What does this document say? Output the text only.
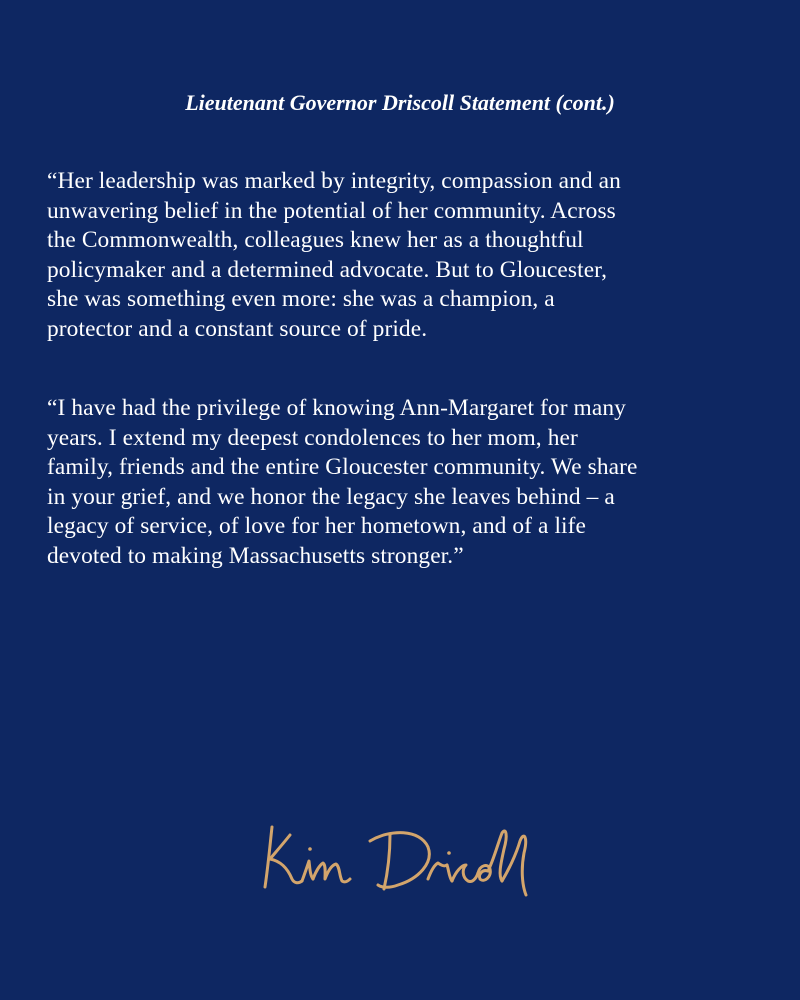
Lieutenant Governor Driscoll Statement (cont.)

“Her leadership was marked by integrity, compassion and an
unwavering belief in the potential of her community. Across
the Commonwealth, colleagues knew her as a thoughtful
policymaker and a determined advocate. But to Gloucester,
she was something even more: she was a champion, a
protector and a constant source of pride.

“I have had the privilege of knowing Ann-Margaret for many
years. I extend my deepest condolences to her mom, her
family, friends and the entire Gloucester community. We share
in your grief, and we honor the legacy she leaves behind – a
legacy of service, of love for her hometown, and of a life
devoted to making Massachusetts stronger.”
